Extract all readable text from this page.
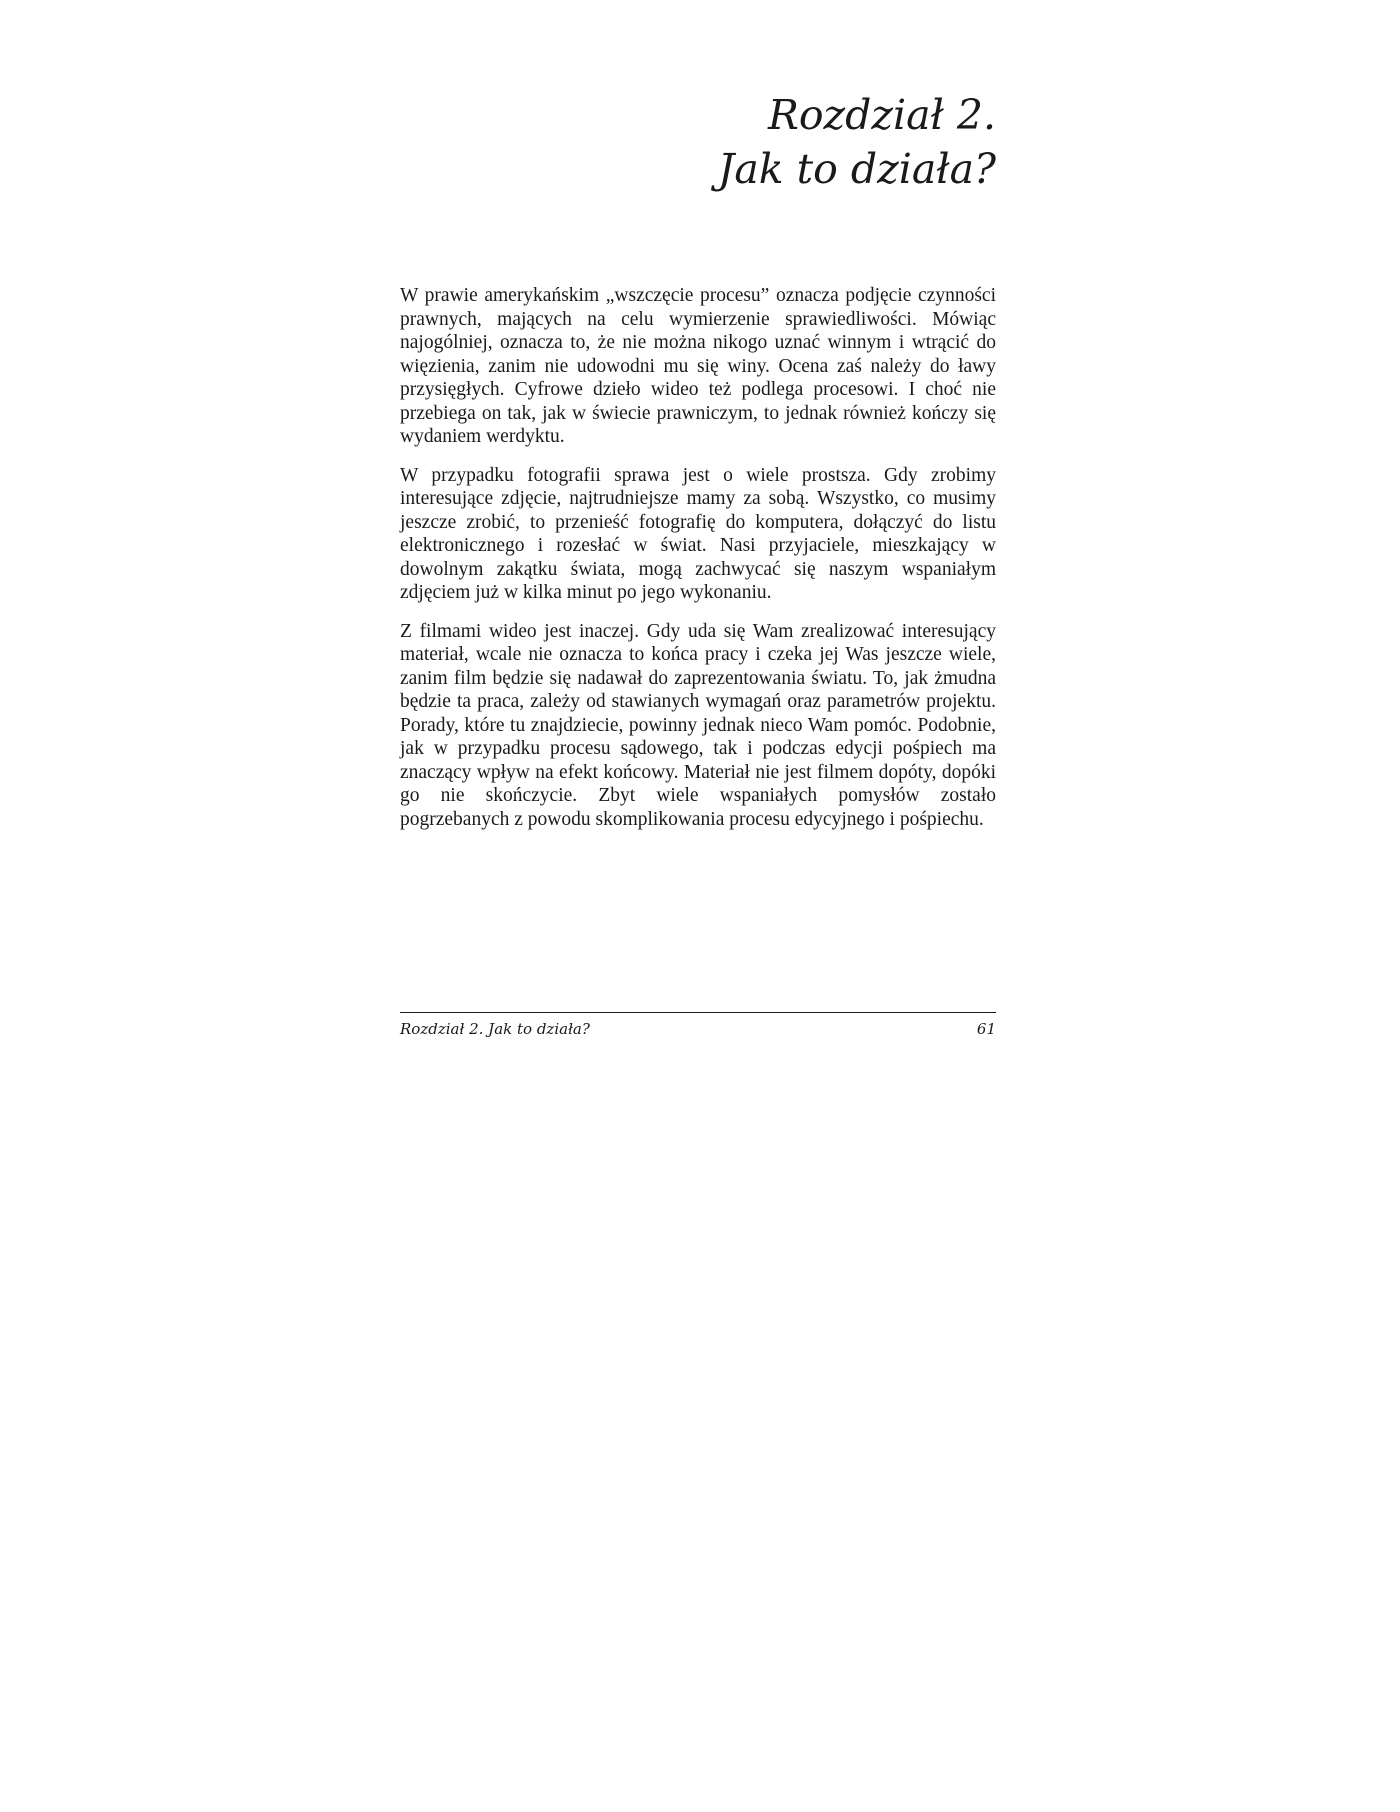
Rozdział 2.
Jak to działa?

W prawie amerykańskim „wszczęcie procesu” oznacza podjęcie czynności prawnych, mających na celu wymierzenie sprawiedliwości. Mówiąc najogólniej, oznacza to, że nie można nikogo uznać winnym i wtrącić do więzienia, zanim nie udowodni mu się winy. Ocena zaś należy do ławy przysięgłych. Cyfrowe dzieło wideo też podlega procesowi. I choć nie przebiega on tak, jak w świecie prawniczym, to jednak również kończy się wydaniem werdyktu.

W przypadku fotografii sprawa jest o wiele prostsza. Gdy zrobimy interesujące zdjęcie, najtrudniejsze mamy za sobą. Wszystko, co musimy jeszcze zrobić, to przenieść fotografię do komputera, dołączyć do listu elektronicznego i rozesłać w świat. Nasi przyjaciele, mieszkający w dowolnym zakątku świata, mogą zachwycać się naszym wspaniałym zdjęciem już w kilka minut po jego wykonaniu.

Z filmami wideo jest inaczej. Gdy uda się Wam zrealizować interesujący materiał, wcale nie oznacza to końca pracy i czeka jej Was jeszcze wiele, zanim film będzie się nadawał do zaprezentowania światu. To, jak żmudna będzie ta praca, zależy od stawianych wymagań oraz parametrów projektu. Porady, które tu znajdziecie, powinny jednak nieco Wam pomóc. Podobnie, jak w przypadku procesu sądowego, tak i podczas edycji pośpiech ma znaczący wpływ na efekt końcowy. Materiał nie jest filmem dopóty, dopóki go nie skończycie. Zbyt wiele wspaniałych pomysłów zostało pogrzebanych z powodu skomplikowania procesu edycyjnego i pośpiechu.

Rozdział 2. Jak to działa?	61
